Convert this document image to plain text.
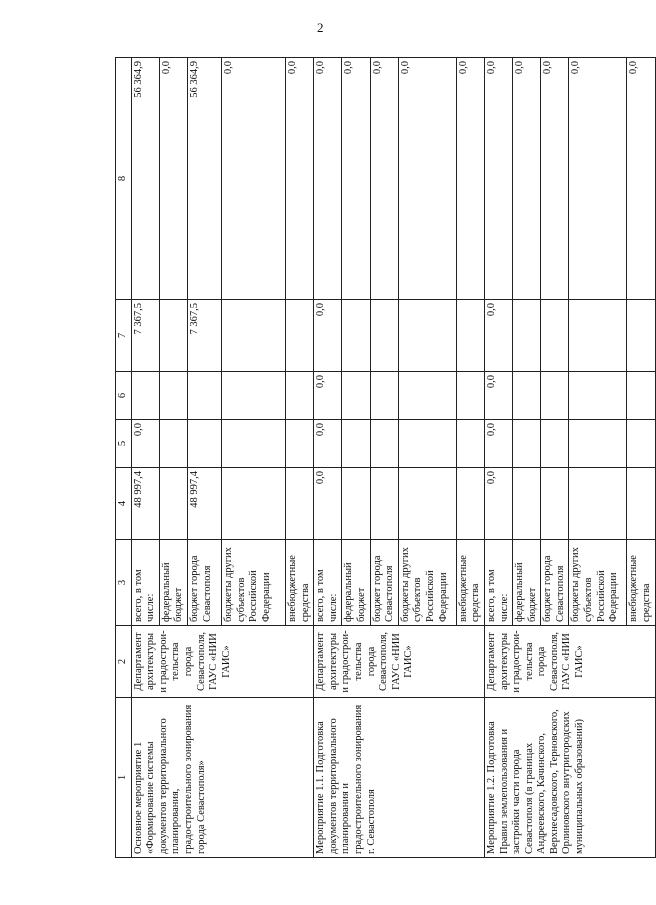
2
1	2	3	4	5	6	7	8
Основное мероприятие 1 «Формирование системы документов территориального планирования, градостроительного зонирования города Севастополя»	Департамент архитектуры и градострои- тельства города Севастополя, ГАУС «НИИ ГАИС»	всего, в том числе:	48 997,4	0,0		7 367,5	56 364,9
		федеральный бюджет					0,0
		бюджет города Севастополя	48 997,4			7 367,5	56 364,9
		бюджеты других субъектов Российской Федерации					0,0
		внебюджетные средства					0,0
Мероприятие 1.1. Подготовка документов территориального планирования и градостроительного зонирования г. Севастополя	Департамент архитектуры и градострои- тельства города Севастополя, ГАУС «НИИ ГАИС»	всего, в том числе:	0,0	0,0	0,0	0,0	0,0
		федеральный бюджет					0,0
		бюджет города Севастополя					0,0
		бюджеты других субъектов Российской Федерации					0,0
		внебюджетные средства					0,0
Мероприятие 1.2. Подготовка Правил землепользования и застройки части города Севастополя (в границах Андреевского, Качинского, Верхнесадовского, Терновского, Орлиновского внутригородских муниципальных образований)	Департамент архитектуры и градострои- тельства города Севастополя, ГАУС «НИИ ГАИС»	всего, в том числе:	0,0	0,0	0,0	0,0	0,0
		федеральный бюджет					0,0
		бюджет города Севастополя					0,0
		бюджеты других субъектов Российской Федерации					0,0
		внебюджетные средства					0,0
